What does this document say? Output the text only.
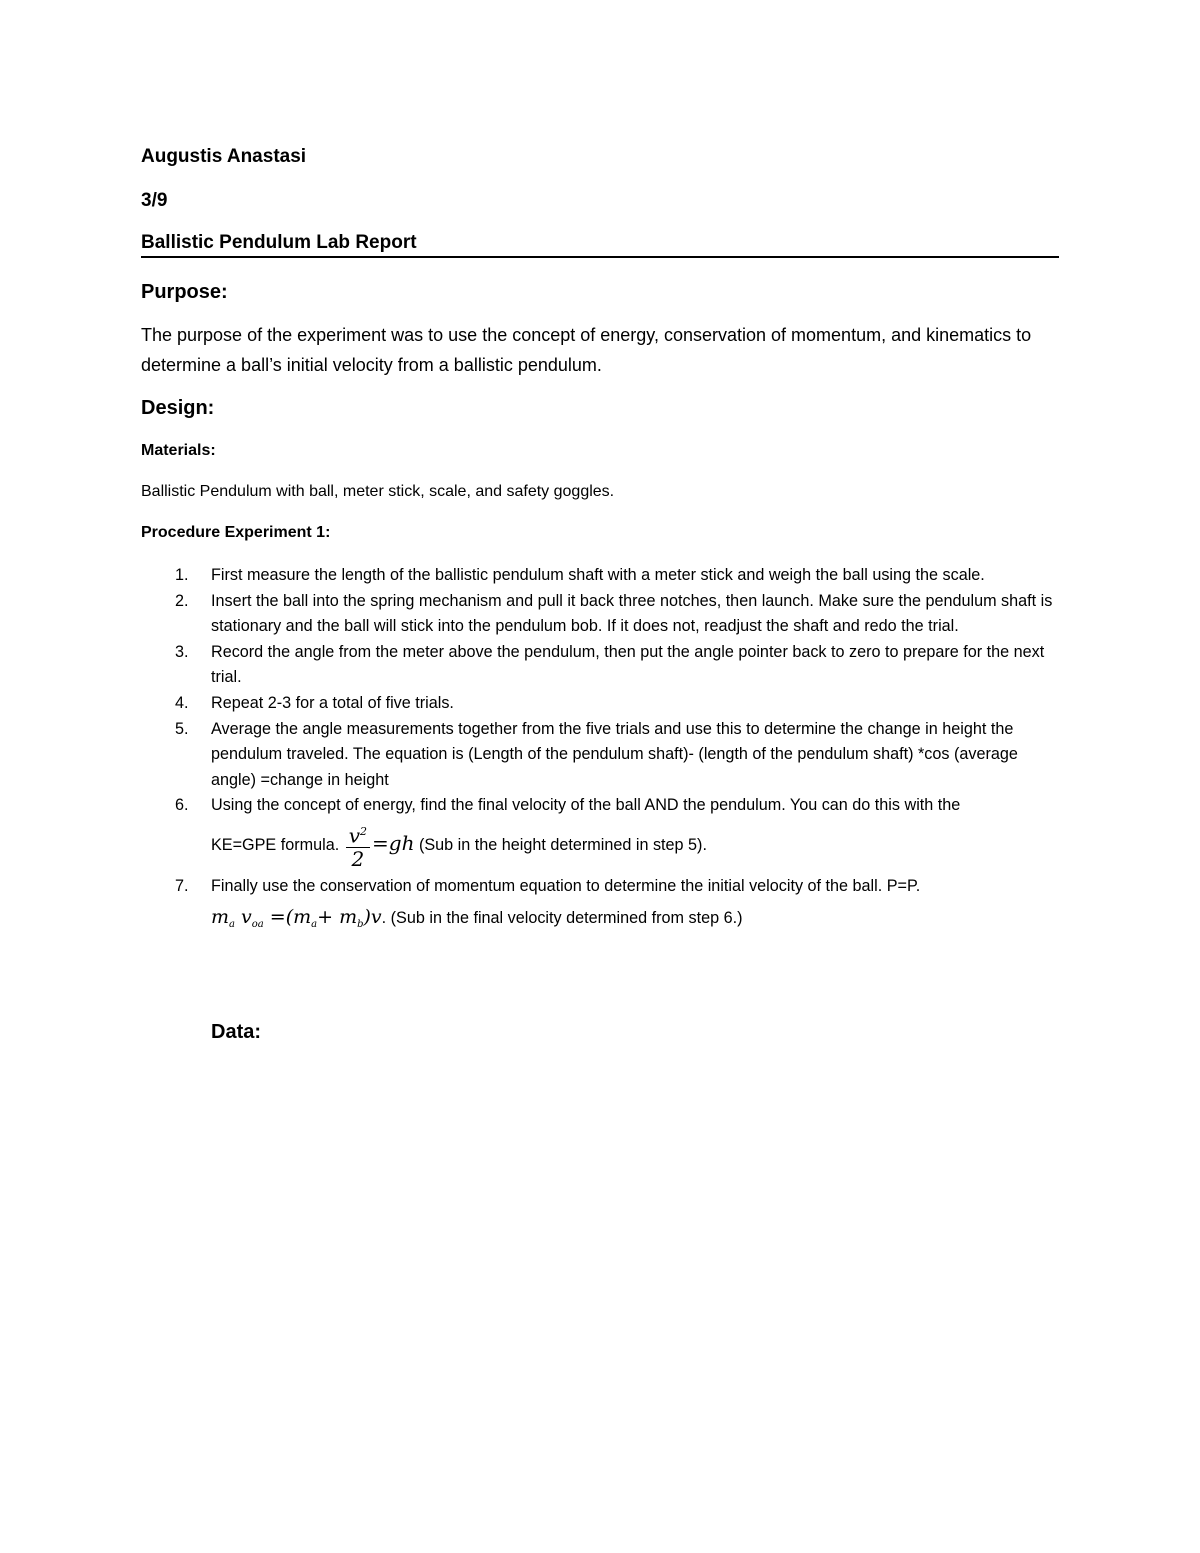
Augustis Anastasi

3/9

Ballistic Pendulum Lab Report

Purpose:

The purpose of the experiment was to use the concept of energy, conservation of momentum, and kinematics to determine a ball’s initial velocity from a ballistic pendulum.

Design:

Materials:

Ballistic Pendulum with ball, meter stick, scale, and safety goggles.

Procedure Experiment 1:

1. First measure the length of the ballistic pendulum shaft with a meter stick and weigh the ball using the scale.
2. Insert the ball into the spring mechanism and pull it back three notches, then launch. Make sure the pendulum shaft is stationary and the ball will stick into the pendulum bob. If it does not, readjust the shaft and redo the trial.
3. Record the angle from the meter above the pendulum, then put the angle pointer back to zero to prepare for the next trial.
4. Repeat 2-3 for a total of five trials.
5. Average the angle measurements together from the five trials and use this to determine the change in height the pendulum traveled. The equation is (Length of the pendulum shaft)- (length of the pendulum shaft) *cos (average angle) =change in height
6. Using the concept of energy, find the final velocity of the ball AND the pendulum. You can do this with the
KE=GPE formula. $\frac{v^2}{2} =gh$ (Sub in the height determined in step 5).
7. Finally use the conservation of momentum equation to determine the initial velocity of the ball. P=P.
$m_a$ $v_{oa} =(m_a+ m_b)v$. (Sub in the final velocity determined from step 6.)

Data:
